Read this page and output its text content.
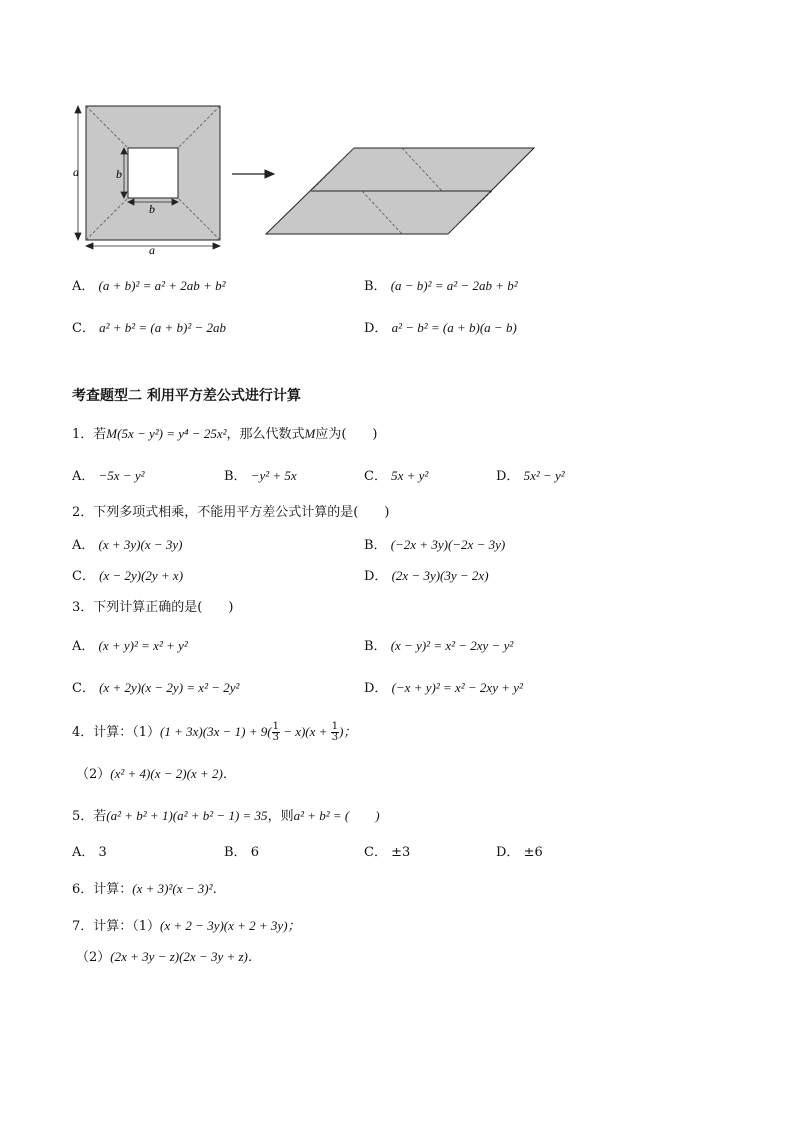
a
a
b
b
A． (a + b)² = a² + 2ab + b²	B． (a − b)² = a² − 2ab + b²
C． a² + b² = (a + b)² − 2ab	D． a² − b² = (a + b)(a − b)
考查题型二 利用平方差公式进行计算
1．若M(5x − y²) = y⁴ − 25x²，那么代数式M应为(　　)
A． −5x − y²	B． −y² + 5x	C． 5x + y²	D． 5x² − y²
2．下列多项式相乘，不能用平方差公式计算的是(　　)
A． (x + 3y)(x − 3y)	B． (−2x + 3y)(−2x − 3y)
C． (x − 2y)(2y + x)	D． (2x − 3y)(3y − 2x)
3．下列计算正确的是(　　)
A． (x + y)² = x² + y²	B． (x − y)² = x² − 2xy − y²
C． (x + 2y)(x − 2y) = x² − 2y²	D． (−x + y)² = x² − 2xy + y²
4．计算：$(1)(1 + 3x)(3x - 1) + 9( \frac{1}{3} - x)(x + \frac{1}{3}$ )；
（2）(x² + 4)(x − 2)(x + 2)．
5．若(a² + b² + 1)(a² + b² − 1) = 35，则a² + b² = (　　)
A． 3	B． 6	C． ±3	D． ±6
6．计算：(x + 3)²(x − 3)²．
7．计算：（1）(x + 2 − 3y)(x + 2 + 3y)；
（2）(2x + 3y − z)(2x − 3y + z)．
